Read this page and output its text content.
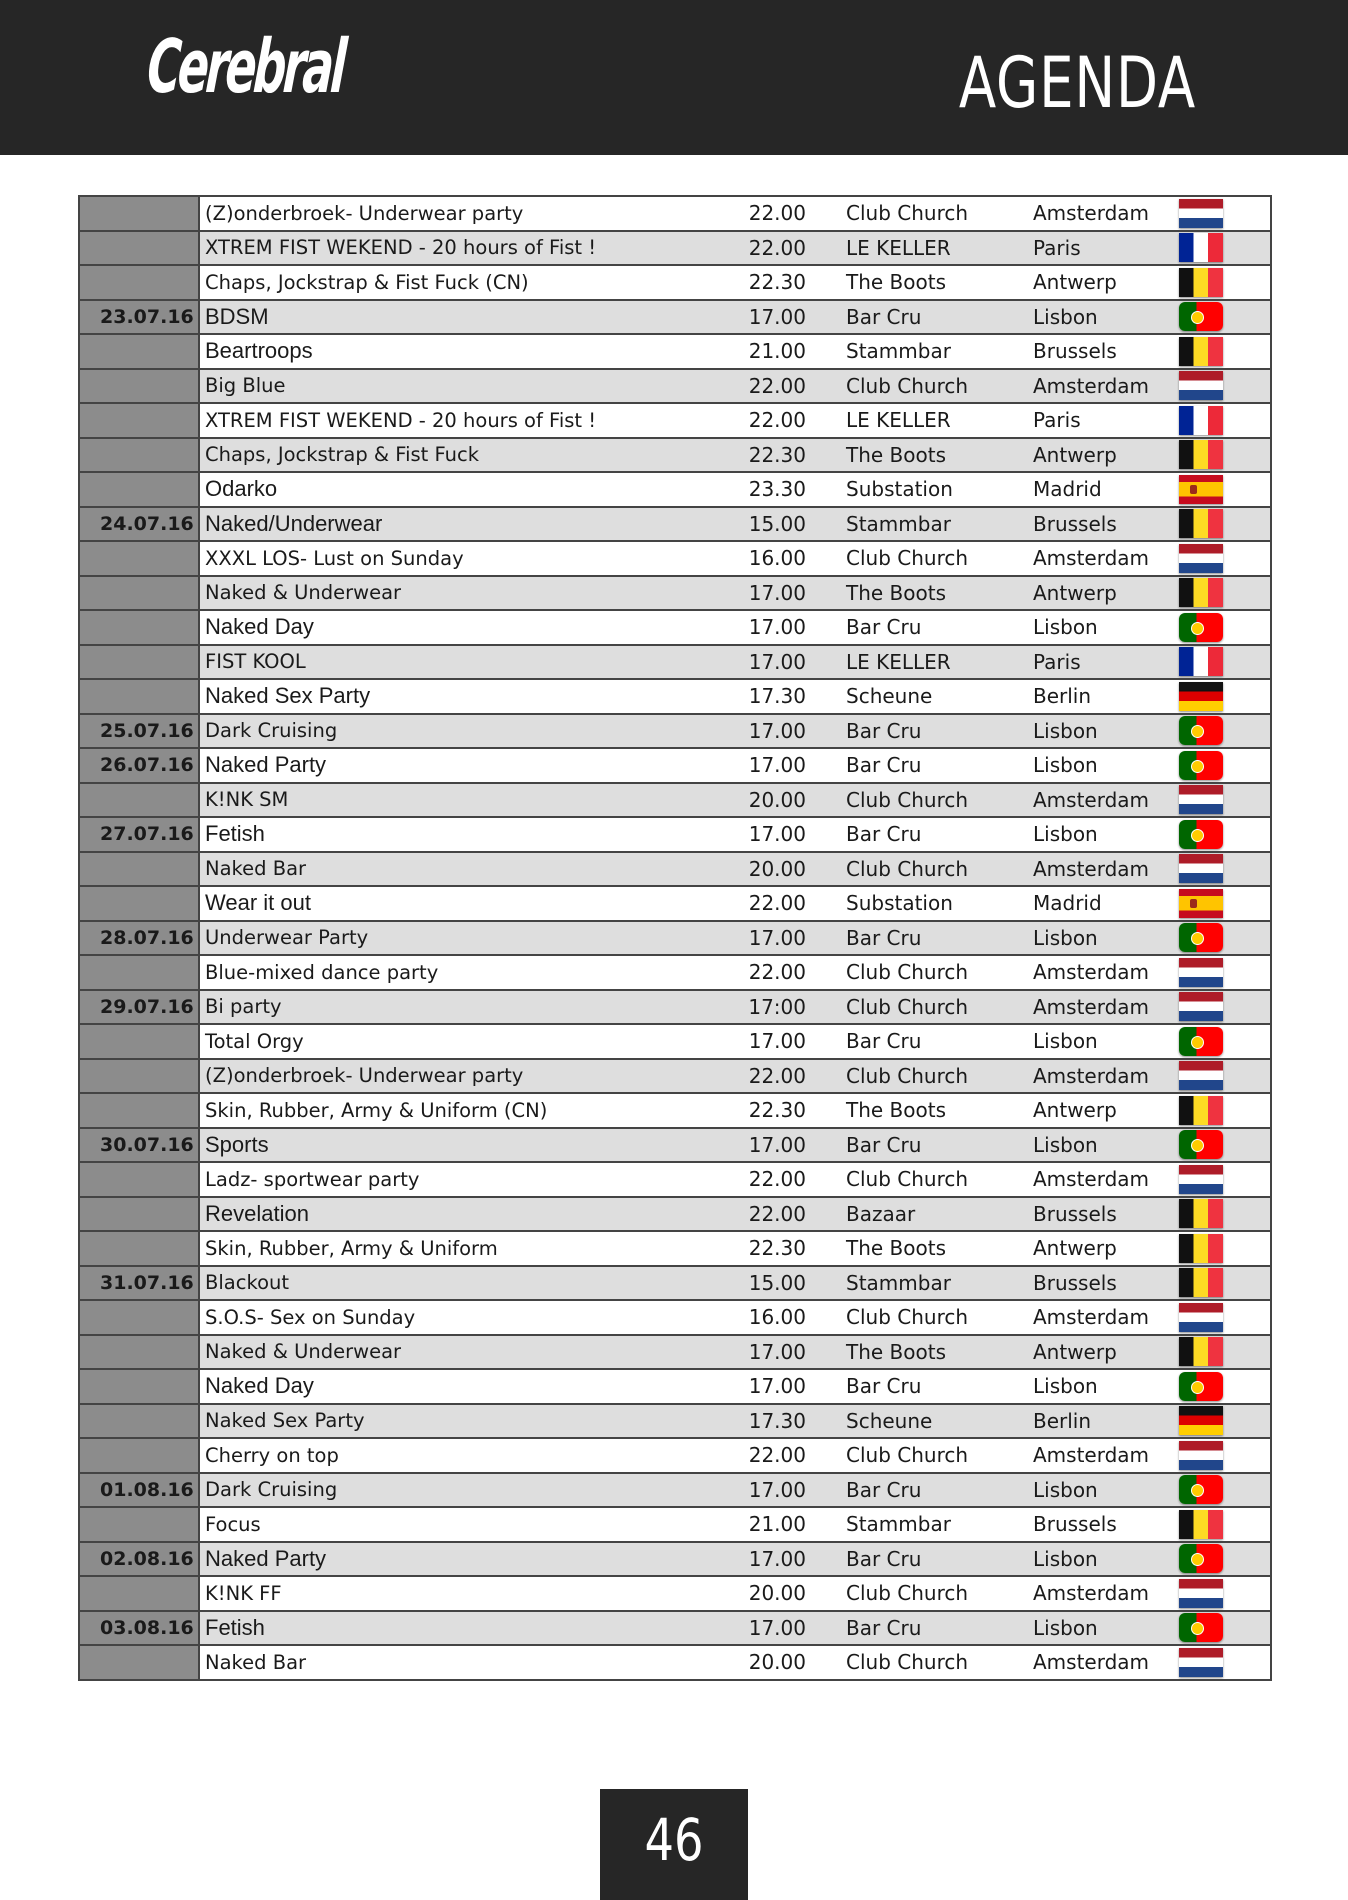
Cerebral	AGENDA
	(Z)onderbroek- Underwear party	22.00	Club Church	Amsterdam	

	XTREM FIST WEKEND - 20 hours of Fist !	22.00	LE KELLER	Paris	

	Chaps, Jockstrap & Fist Fuck (CN)	22.30	The Boots	Antwerp	

23.07.16	BDSM	17.00	Bar Cru	Lisbon	

	Beartroops	21.00	Stammbar	Brussels	

	Big Blue	22.00	Club Church	Amsterdam	

	XTREM FIST WEKEND - 20 hours of Fist !	22.00	LE KELLER	Paris	

	Chaps, Jockstrap & Fist Fuck	22.30	The Boots	Antwerp	

	Odarko	23.30	Substation	Madrid	

24.07.16	Naked/Underwear	15.00	Stammbar	Brussels	

	XXXL LOS- Lust on Sunday	16.00	Club Church	Amsterdam	

	Naked & Underwear	17.00	The Boots	Antwerp	

	Naked Day	17.00	Bar Cru	Lisbon	

	FIST KOOL	17.00	LE KELLER	Paris	

	Naked Sex Party	17.30	Scheune	Berlin	

25.07.16	Dark Cruising	17.00	Bar Cru	Lisbon	

26.07.16	Naked Party	17.00	Bar Cru	Lisbon	

	K!NK SM	20.00	Club Church	Amsterdam	

27.07.16	Fetish	17.00	Bar Cru	Lisbon	

	Naked Bar	20.00	Club Church	Amsterdam	

	Wear it out	22.00	Substation	Madrid	

28.07.16	Underwear Party	17.00	Bar Cru	Lisbon	

	Blue-mixed dance party	22.00	Club Church	Amsterdam	

29.07.16	Bi party	17:00	Club Church	Amsterdam	

	Total Orgy	17.00	Bar Cru	Lisbon	

	(Z)onderbroek- Underwear party	22.00	Club Church	Amsterdam	

	Skin, Rubber, Army & Uniform (CN)	22.30	The Boots	Antwerp	

30.07.16	Sports	17.00	Bar Cru	Lisbon	

	Ladz- sportwear party	22.00	Club Church	Amsterdam	

	Revelation	22.00	Bazaar	Brussels	

	Skin, Rubber, Army & Uniform	22.30	The Boots	Antwerp	

31.07.16	Blackout	15.00	Stammbar	Brussels	

	S.O.S- Sex on Sunday	16.00	Club Church	Amsterdam	

	Naked & Underwear	17.00	The Boots	Antwerp	

	Naked Day	17.00	Bar Cru	Lisbon	

	Naked Sex Party	17.30	Scheune	Berlin	

	Cherry on top	22.00	Club Church	Amsterdam	

01.08.16	Dark Cruising	17.00	Bar Cru	Lisbon	

	Focus	21.00	Stammbar	Brussels	

02.08.16	Naked Party	17.00	Bar Cru	Lisbon	

	K!NK FF	20.00	Club Church	Amsterdam	

03.08.16	Fetish	17.00	Bar Cru	Lisbon	

	Naked Bar	20.00	Club Church	Amsterdam	
46
